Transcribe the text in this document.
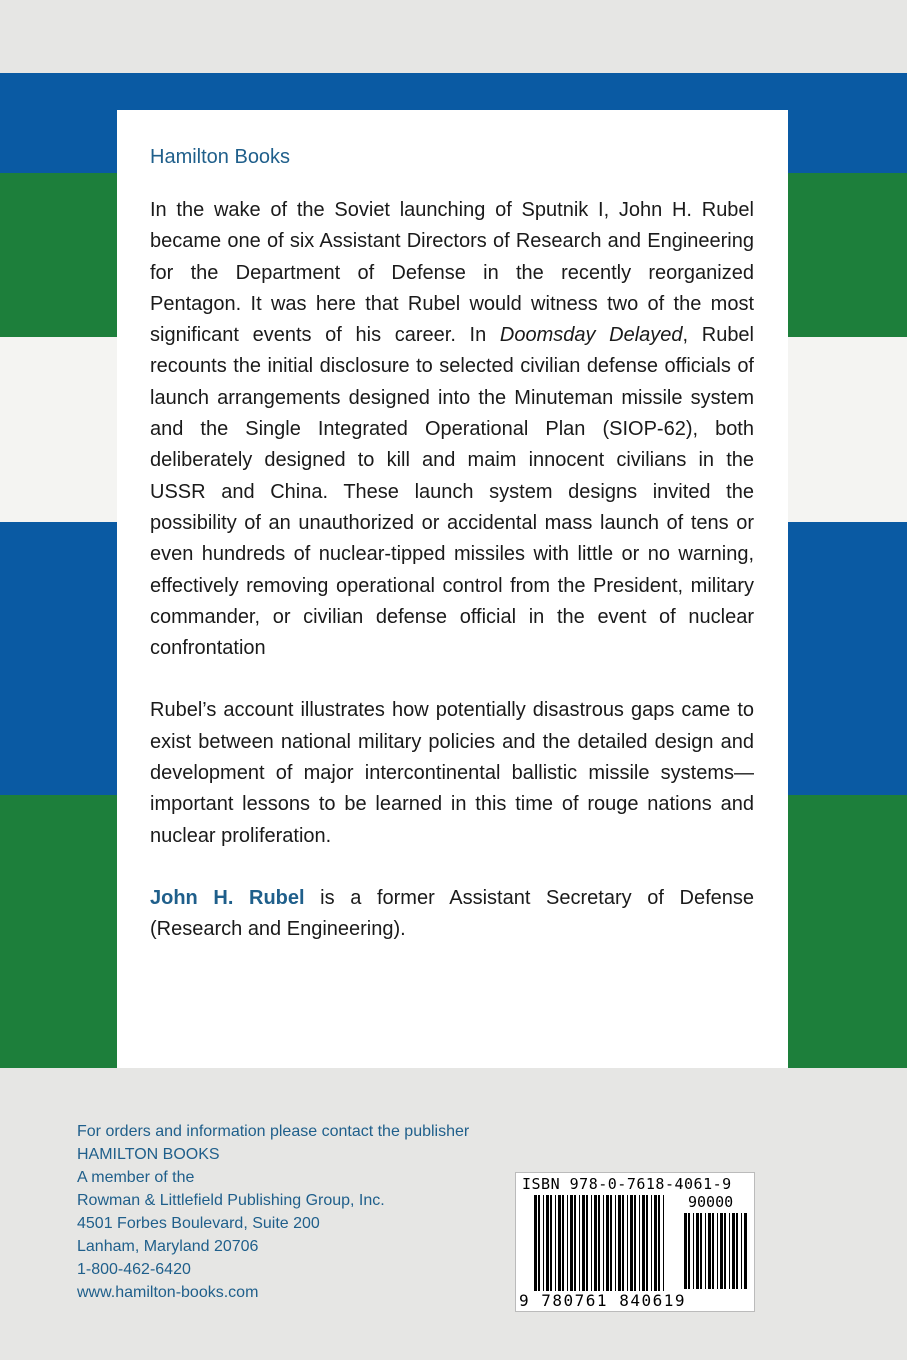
Hamilton Books

In the wake of the Soviet launching of Sputnik I, John H. Rubel became one of six Assistant Directors of Research and Engineering for the Department of Defense in the recently reorganized Pentagon. It was here that Rubel would witness two of the most significant events of his career. In Doomsday Delayed, Rubel recounts the initial disclosure to selected civilian defense officials of launch arrangements designed into the Minuteman missile system and the Single Integrated Operational Plan (SIOP-62), both deliberately designed to kill and maim innocent civilians in the USSR and China. These launch system designs invited the possibility of an unauthorized or accidental mass launch of tens or even hundreds of nuclear-tipped missiles with little or no warning, effectively removing operational control from the President, military commander, or civilian defense official in the event of nuclear confrontation

Rubel’s account illustrates how potentially disastrous gaps came to exist between national military policies and the detailed design and development of major intercontinental ballistic missile systems—important lessons to be learned in this time of rouge nations and nuclear proliferation.

John H. Rubel is a former Assistant Secretary of Defense (Research and Engineering).

For orders and information please contact the publisher
HAMILTON BOOKS
A member of the
Rowman & Littlefield Publishing Group, Inc.
4501 Forbes Boulevard, Suite 200
Lanham, Maryland 20706
1-800-462-6420
www.hamilton-books.com
ISBN 978-0-7618-4061-9
90000
9 780761 840619
